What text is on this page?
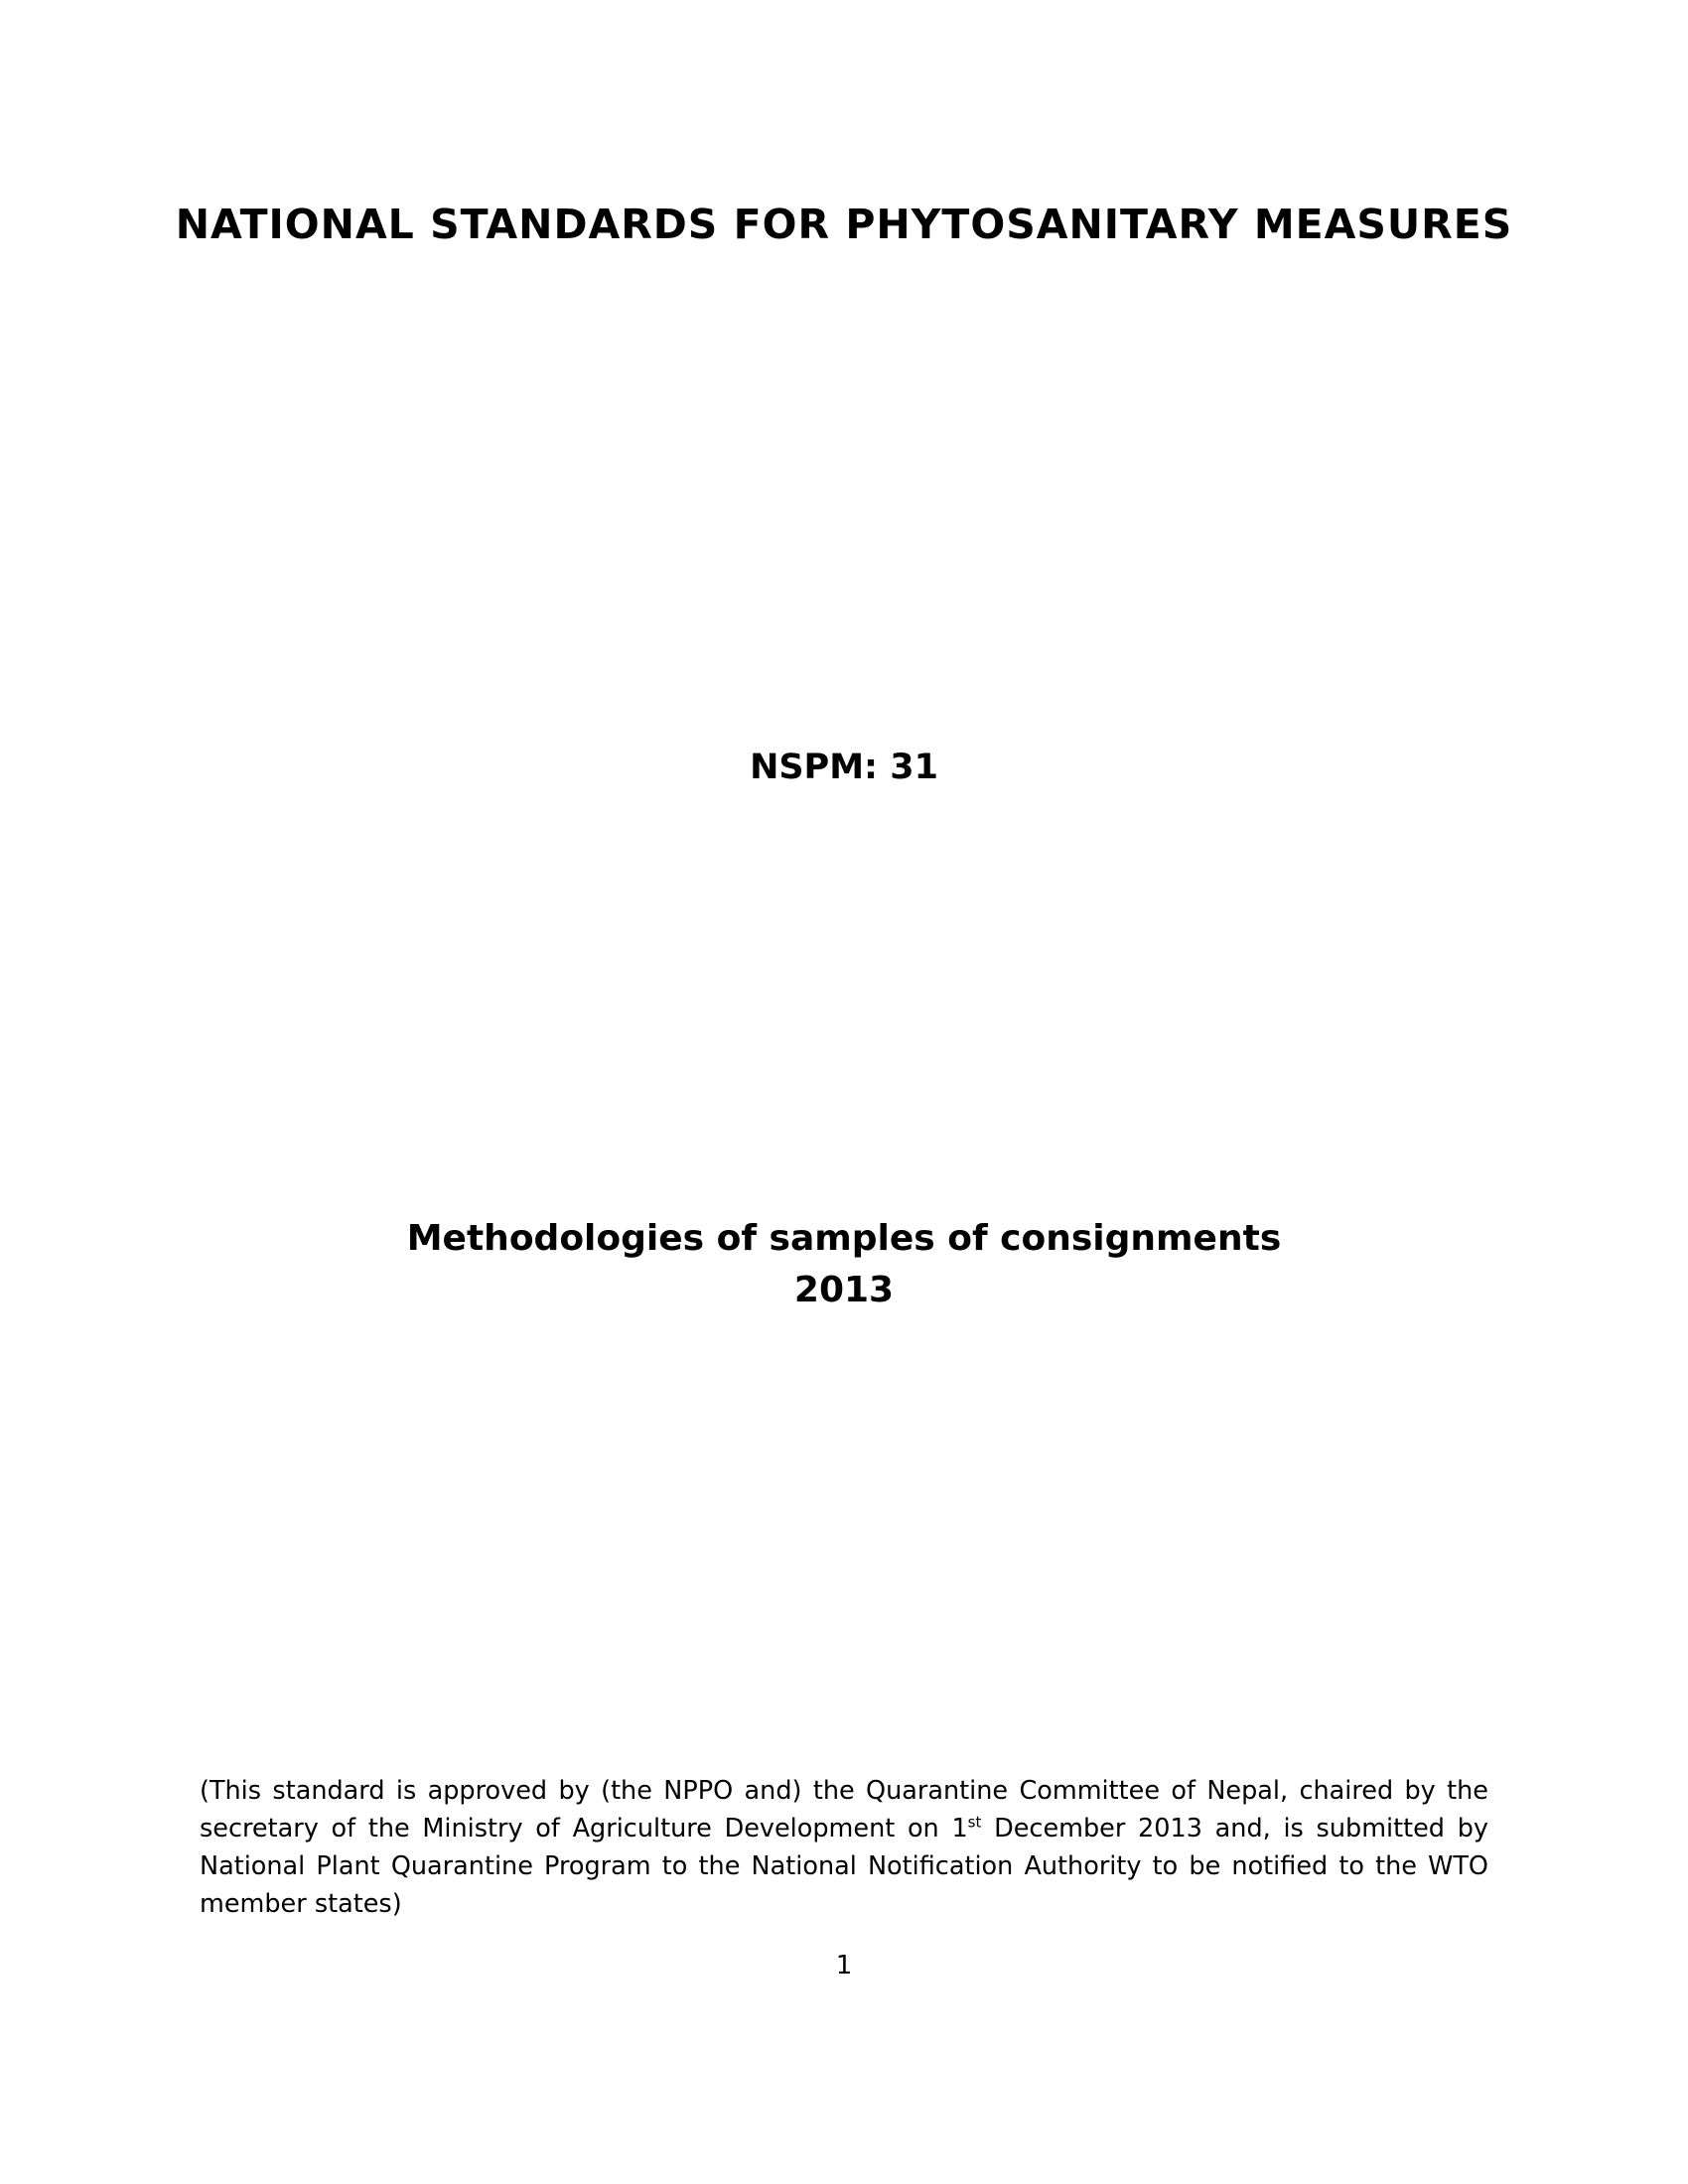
NATIONAL STANDARDS FOR PHYTOSANITARY MEASURES
NSPM: 31
Methodologies of samples of consignments
2013

(This standard is approved by (the NPPO and) the Quarantine Committee of Nepal, chaired by the secretary of the Ministry of Agriculture Development on 1st December 2013 and, is submitted by National Plant Quarantine Program to the National Notification Authority to be notified to the WTO member states)

1
